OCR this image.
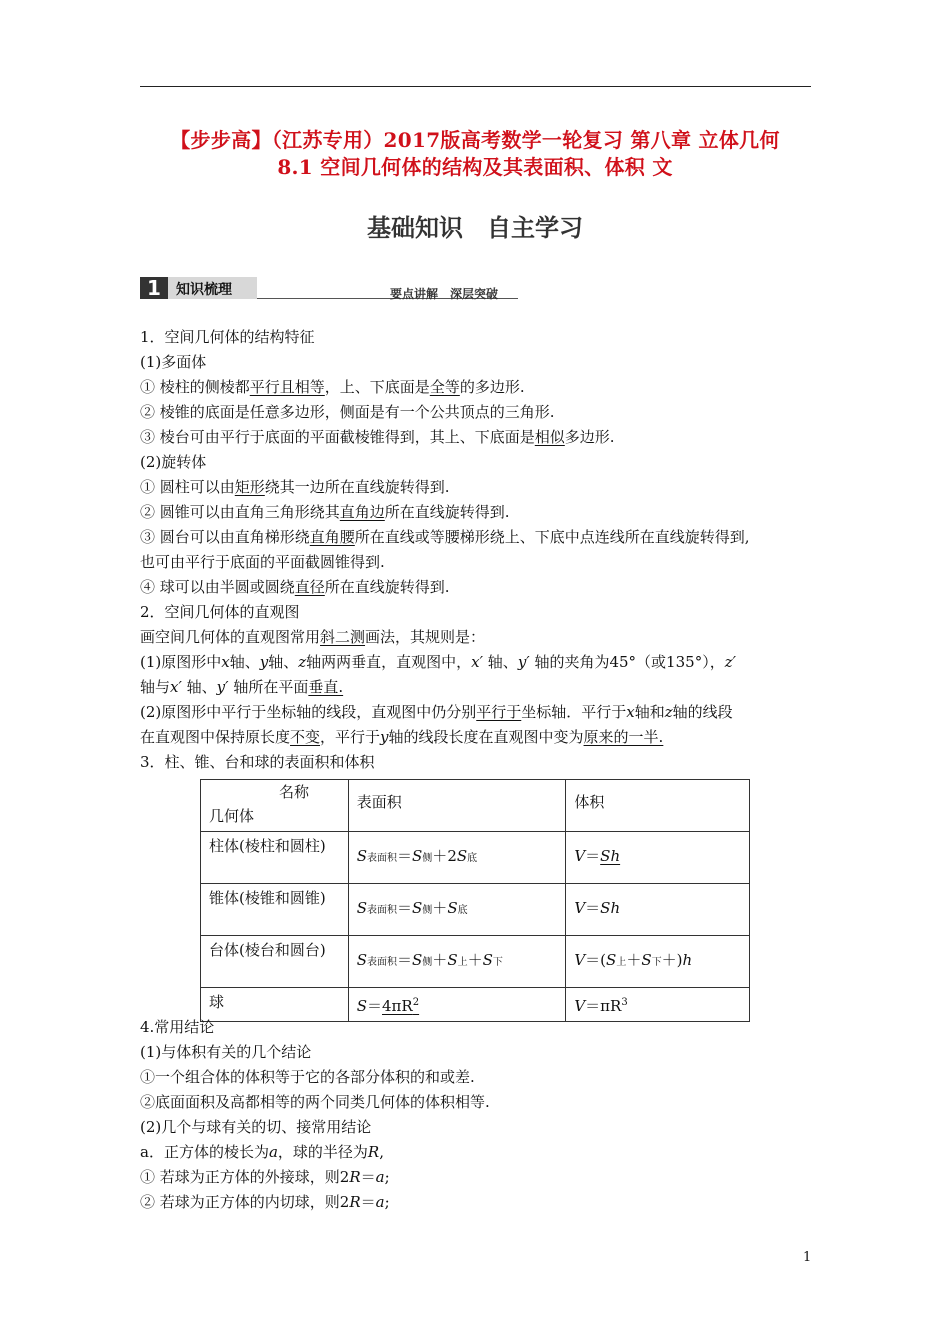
【步步高】（江苏专用）2017版高考数学一轮复习 第八章 立体几何
8.1 空间几何体的结构及其表面积、体积 文
基础知识　自主学习
1	知识梳理	要点讲解　深层突破
1．空间几何体的结构特征
(1)多面体
① 棱柱的侧棱都平行且相等，上、下底面是全等的多边形.
② 棱锥的底面是任意多边形，侧面是有一个公共顶点的三角形.
③ 棱台可由平行于底面的平面截棱锥得到，其上、下底面是相似多边形.
(2)旋转体
① 圆柱可以由矩形绕其一边所在直线旋转得到.
② 圆锥可以由直角三角形绕其直角边所在直线旋转得到.
③ 圆台可以由直角梯形绕直角腰所在直线或等腰梯形绕上、下底中点连线所在直线旋转得到,
也可由平行于底面的平面截圆锥得到.
④ 球可以由半圆或圆绕直径所在直线旋转得到.
2．空间几何体的直观图
画空间几何体的直观图常用斜二测画法，其规则是：
(1)原图形中x轴、y轴、z轴两两垂直，直观图中，x′ 轴、y′ 轴的夹角为45°（或135°），z′
轴与x′ 轴、y′ 轴所在平面垂直.
(2)原图形中平行于坐标轴的线段，直观图中仍分别平行于坐标轴．平行于x轴和z轴的线段
在直观图中保持原长度不变，平行于y轴的线段长度在直观图中变为原来的一半.
3．柱、锥、台和球的表面积和体积
名称
几何体	表面积	体积
柱体(棱柱和圆柱)	S表面积＝S侧＋2S底	V＝Sh
锥体(棱锥和圆锥)	S表面积＝S侧＋S底	V＝Sh
台体(棱台和圆台)	S表面积＝S侧＋S上＋S下	V＝(S上＋S下＋)h
球	$S=4\pi R^2$	$V=\pi R^3$
4.常用结论
(1)与体积有关的几个结论
①一个组合体的体积等于它的各部分体积的和或差.
②底面面积及高都相等的两个同类几何体的体积相等.
(2)几个与球有关的切、接常用结论
a．正方体的棱长为a，球的半径为R,
① 若球为正方体的外接球，则2R＝a;
② 若球为正方体的内切球，则2R＝a;
1
